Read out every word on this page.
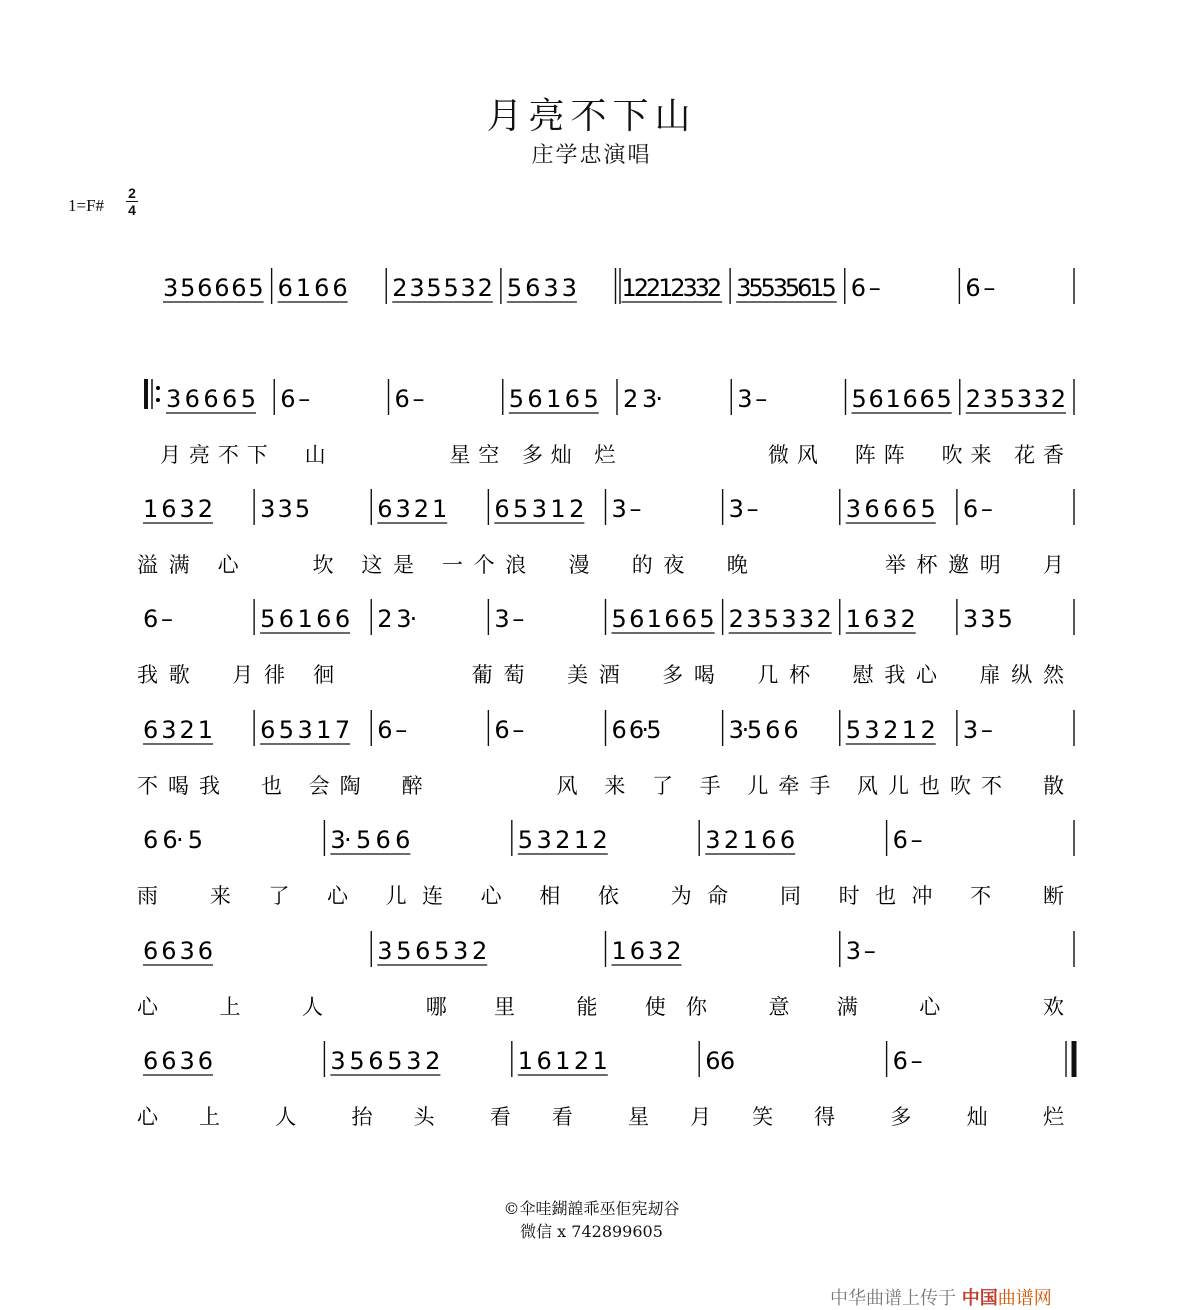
月亮不下山
庄学忠演唱
1=F#
2
4
3 5 6 6 6 5 6 1 6 6 2 3 5 5 3 2 5 6 3 3 1 2 2 1 2 3 3 2 3 5 5 3 5 6 1 5 6 –	6 –
3 6 6 6 5 6 –	6 –	5 6 1 6 5 2 3·	3 –	5 6 1 6 6 5 2 3 5 3 3 2
月亮不下　山　　　　星空 多灿 烂　　　　　微风　阵阵　吹来 花香
1 6 3 2 3 3 5	6 3 2 1 6 5 3 1 2 3 –	3 –	3 6 6 6 5 6 –
溢满 心　　坎 这是 一个浪　漫　的夜　晚　　　　举杯邀明　月
6 –	5 6 1 6 6 2 3·	3 –	5 6 1 6 6 5 2 3 5 3 3 2 1 6 3 2 3 3 5
我歌　月徘 徊　　　　葡萄　美酒　多喝　几杯　慰我心　扉纵然
6 3 2 1 6 5 3 1 7 6 –	6 –	6 6·5	3·5 6 6 5 3 2 1 2 3 –
不喝我　也 会陶　醉　　　　风 来 了 手 儿牵手 风儿也吹不　散
6 6· 5	3· 5 6 6	5 3 2 1 2	3 2 1 6 6	6 –
雨　来 了 心 儿连 心 相 依　为命　同 时也冲 不　断
6 6 3 6	3 5 6 5 3 2	1 6 3 2	3 –
心　上　人　　哪 里　能 使你　意 满　心　　欢
6 6 3 6	3 5 6 5 3 2	1 6 1 2 1	6 6	6 –
心 上　人　抬 头　看 看　星 月 笑 得　多　灿　烂
©伞哇鍸韹乖巫佢宪刼谷
微信 x 742899605
中华曲谱上传于 中国曲谱网
